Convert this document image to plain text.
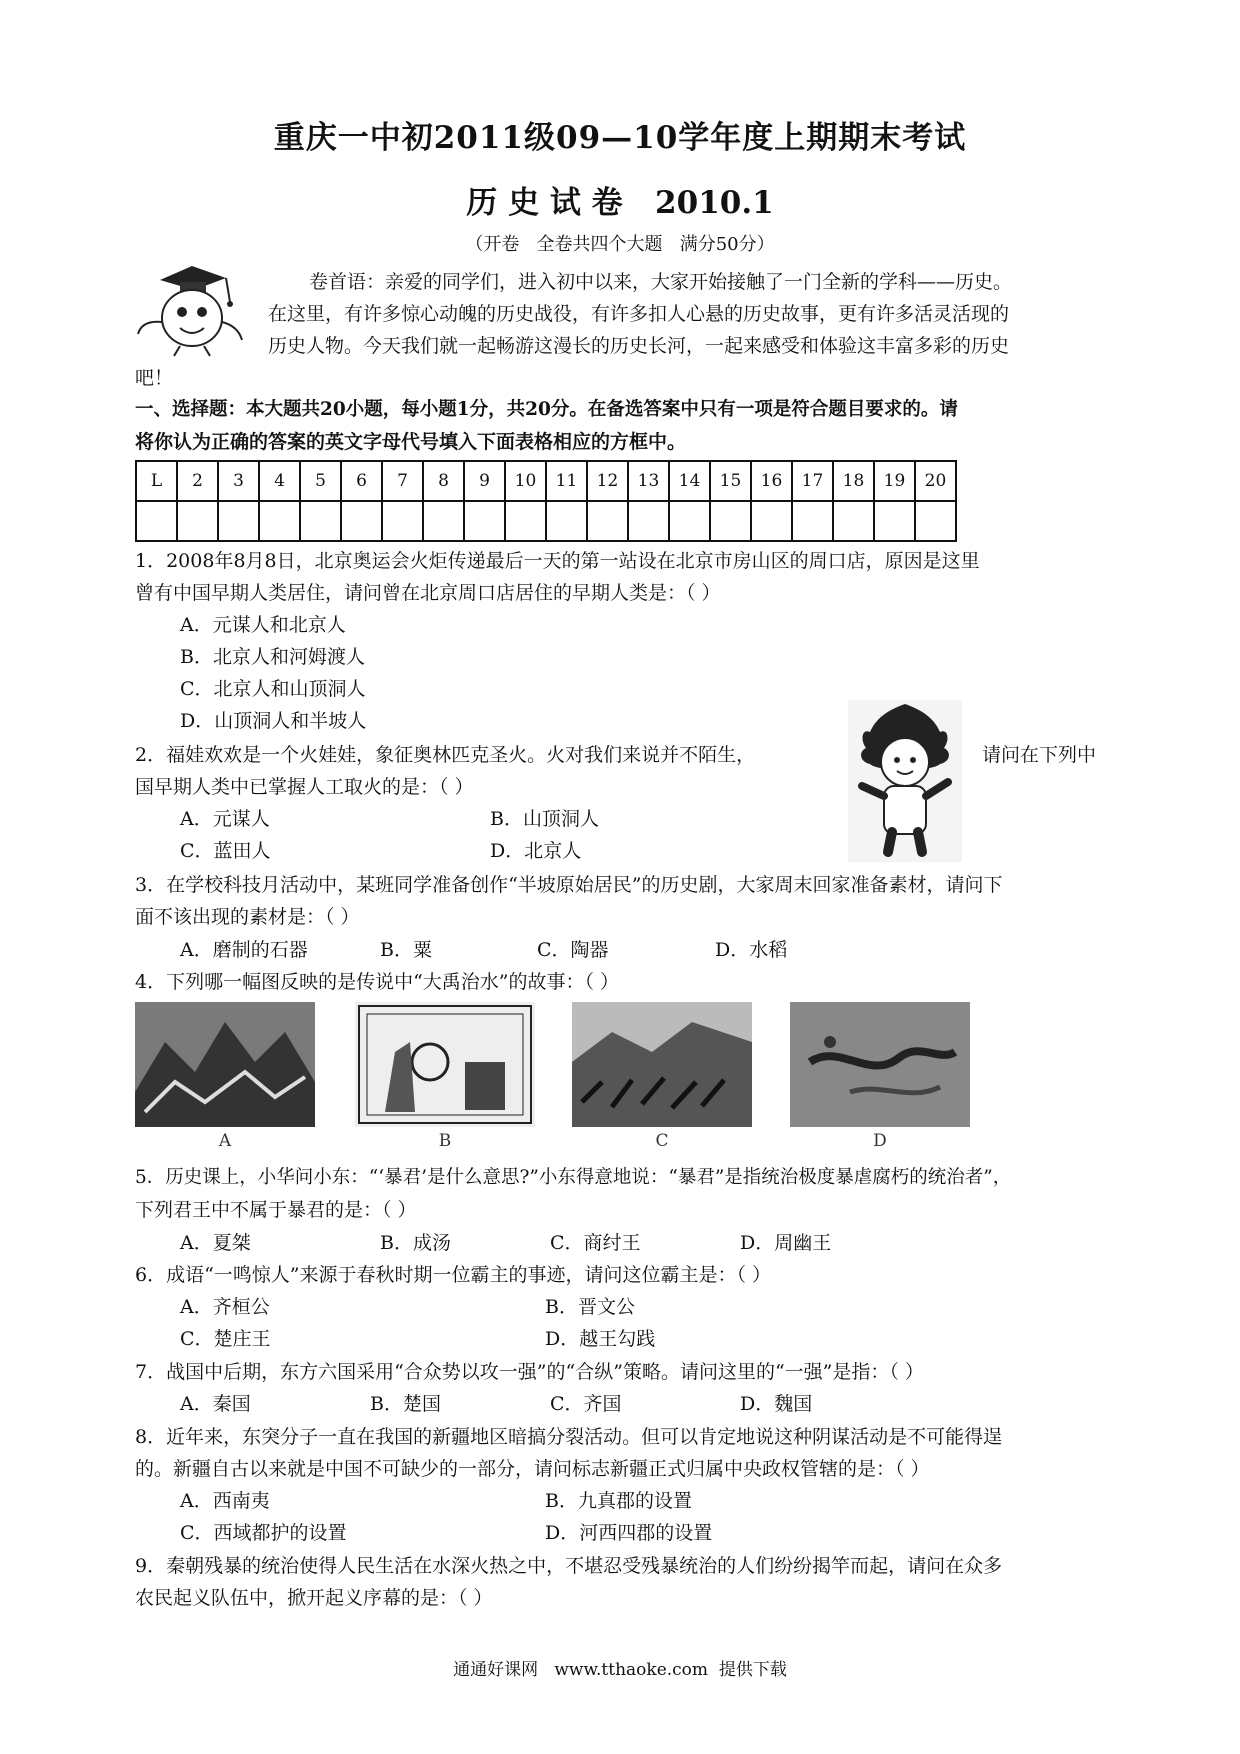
重庆一中初2011级09—10学年度上期期末考试
历 史 试 卷   2010.1
（开卷   全卷共四个大题   满分50分）
卷首语：亲爱的同学们，进入初中以来，大家开始接触了一门全新的学科——历史。
在这里，有许多惊心动魄的历史战役，有许多扣人心悬的历史故事，更有许多活灵活现的
历史人物。今天我们就一起畅游这漫长的历史长河，一起来感受和体验这丰富多彩的历史
吧！
一、选择题：本大题共20小题，每小题1分，共20分。在备选答案中只有一项是符合题目要求的。请
将你认为正确的答案的英文字母代号填入下面表格相应的方框中。
L	2	3	4	5	6	7	8	9	10	11	12	13	14	15	16	17	18	19	20

1．2008年8月8日，北京奥运会火炬传递最后一天的第一站设在北京市房山区的周口店，原因是这里
曾有中国早期人类居住，请问曾在北京周口店居住的早期人类是：（ ）
A．元谋人和北京人
B．北京人和河姆渡人
C．北京人和山顶洞人
D．山顶洞人和半坡人
2．福娃欢欢是一个火娃娃，象征奥林匹克圣火。火对我们来说并不陌生，	请问在下列中
国早期人类中已掌握人工取火的是：（ ）
A．元谋人	B．山顶洞人
C．蓝田人	D．北京人
3．在学校科技月活动中，某班同学准备创作“半坡原始居民”的历史剧，大家周末回家准备素材，请问下
面不该出现的素材是：（ ）
A．磨制的石器	B．粟	C．陶器	D．水稻
4．下列哪一幅图反映的是传说中“大禹治水”的故事：（ ）
A	B	C	D
5．历史课上，小华问小东：“‘暴君’是什么意思?”小东得意地说：“暴君”是指统治极度暴虐腐朽的统治者”，
下列君王中不属于暴君的是：（ ）
A．夏桀	B．成汤	C．商纣王	D．周幽王
6．成语“一鸣惊人”来源于春秋时期一位霸主的事迹，请问这位霸主是：（ ）
A．齐桓公	B．晋文公
C．楚庄王	D．越王勾践
7．战国中后期，东方六国采用“合众势以攻一强”的“合纵”策略。请问这里的“一强”是指：（ ）
A．秦国	B．楚国	C．齐国	D．魏国
8．近年来，东突分子一直在我国的新疆地区暗搞分裂活动。但可以肯定地说这种阴谋活动是不可能得逞
的。新疆自古以来就是中国不可缺少的一部分，请问标志新疆正式归属中央政权管辖的是：（ ）
A．西南夷	B．九真郡的设置
C．西域都护的设置	D．河西四郡的设置
9．秦朝残暴的统治使得人民生活在水深火热之中，不堪忍受残暴统治的人们纷纷揭竿而起，请问在众多
农民起义队伍中，掀开起义序幕的是：（ ）
通通好课网   www.tthaoke.com  提供下载
